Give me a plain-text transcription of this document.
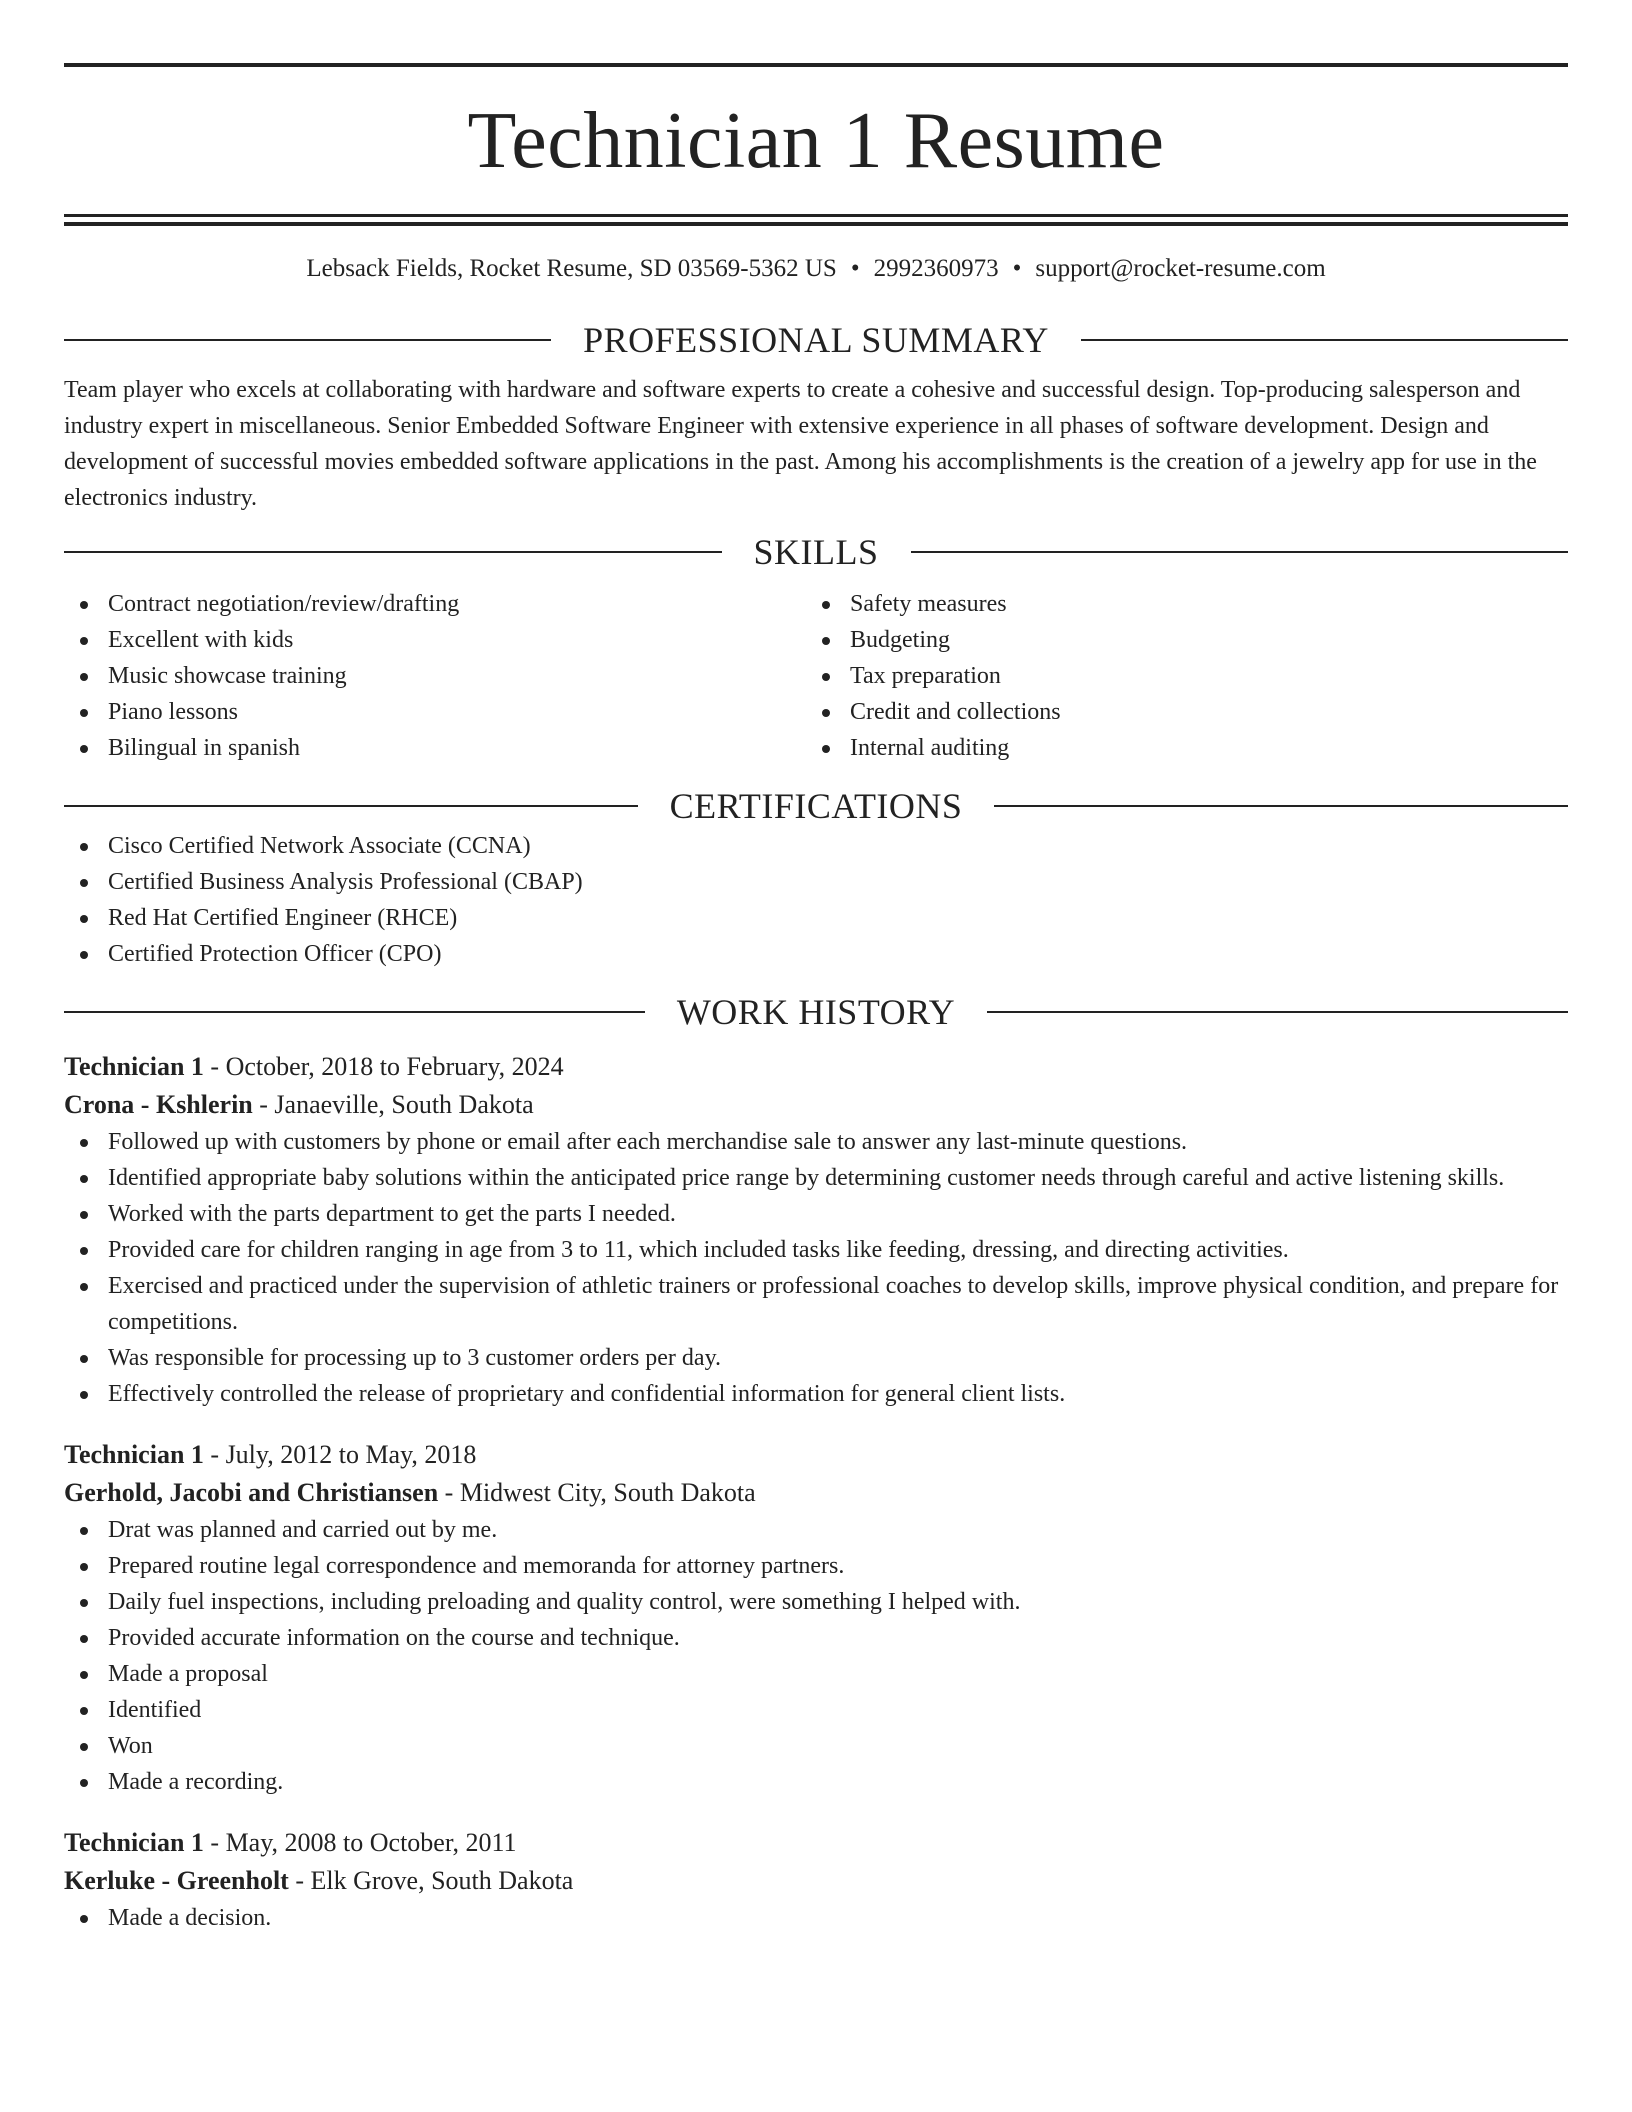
Technician 1 Resume
Lebsack Fields, Rocket Resume, SD 03569-5362 US • 2992360973 • support@rocket-resume.com
PROFESSIONAL SUMMARY
Team player who excels at collaborating with hardware and software experts to create a cohesive and successful design. Top-producing salesperson and industry expert in miscellaneous. Senior Embedded Software Engineer with extensive experience in all phases of software development. Design and development of successful movies embedded software applications in the past. Among his accomplishments is the creation of a jewelry app for use in the electronics industry.
SKILLS
Contract negotiation/review/drafting
Excellent with kids
Music showcase training
Piano lessons
Bilingual in spanish
Safety measures
Budgeting
Tax preparation
Credit and collections
Internal auditing
CERTIFICATIONS
Cisco Certified Network Associate (CCNA)
Certified Business Analysis Professional (CBAP)
Red Hat Certified Engineer (RHCE)
Certified Protection Officer (CPO)
WORK HISTORY
Technician 1 - October, 2018 to February, 2024
Crona - Kshlerin - Janaeville, South Dakota
Followed up with customers by phone or email after each merchandise sale to answer any last-minute questions.
Identified appropriate baby solutions within the anticipated price range by determining customer needs through careful and active listening skills.
Worked with the parts department to get the parts I needed.
Provided care for children ranging in age from 3 to 11, which included tasks like feeding, dressing, and directing activities.
Exercised and practiced under the supervision of athletic trainers or professional coaches to develop skills, improve physical condition, and prepare for competitions.
Was responsible for processing up to 3 customer orders per day.
Effectively controlled the release of proprietary and confidential information for general client lists.
Technician 1 - July, 2012 to May, 2018
Gerhold, Jacobi and Christiansen - Midwest City, South Dakota
Drat was planned and carried out by me.
Prepared routine legal correspondence and memoranda for attorney partners.
Daily fuel inspections, including preloading and quality control, were something I helped with.
Provided accurate information on the course and technique.
Made a proposal
Identified
Won
Made a recording.
Technician 1 - May, 2008 to October, 2011
Kerluke - Greenholt - Elk Grove, South Dakota
Made a decision.
